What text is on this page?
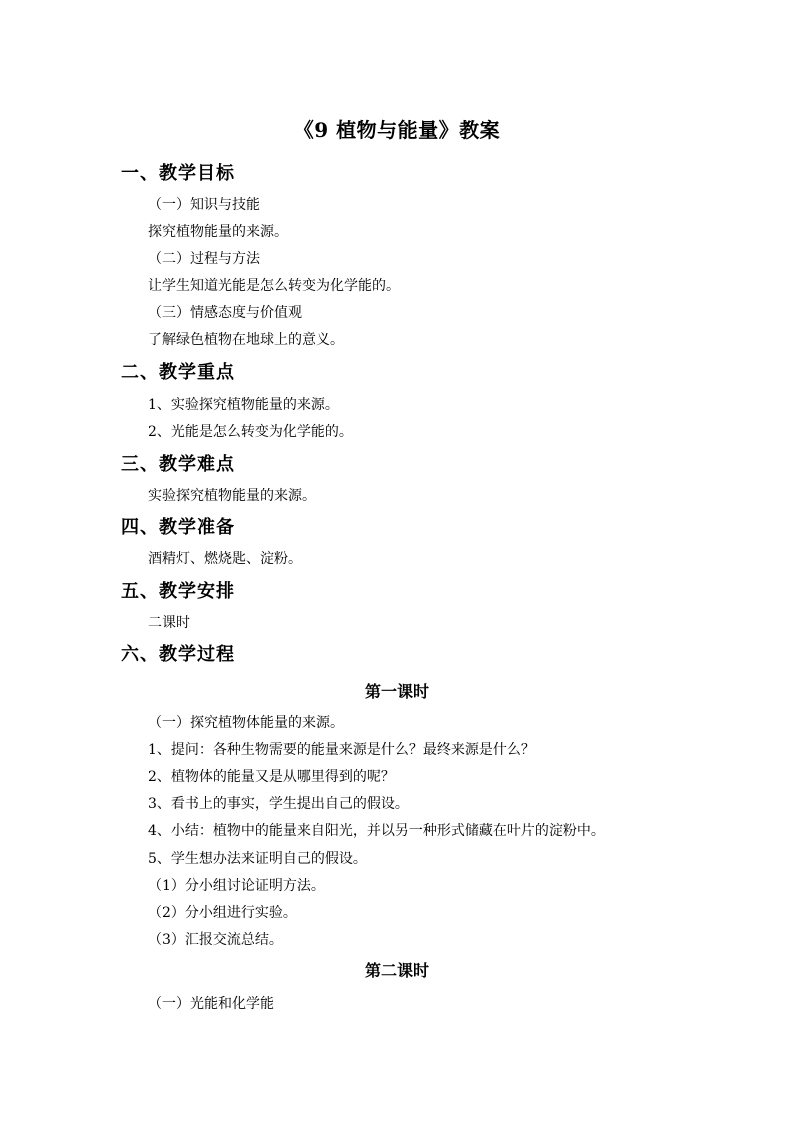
《9 植物与能量》教案
一、教学目标
（一）知识与技能
探究植物能量的来源。
（二）过程与方法
让学生知道光能是怎么转变为化学能的。
（三）情感态度与价值观
了解绿色植物在地球上的意义。
二、教学重点
1、实验探究植物能量的来源。
2、光能是怎么转变为化学能的。
三、教学难点
实验探究植物能量的来源。
四、教学准备
酒精灯、燃烧匙、淀粉。
五、教学安排
二课时
六、教学过程
第一课时
（一）探究植物体能量的来源。
1、提问：各种生物需要的能量来源是什么？最终来源是什么？
2、植物体的能量又是从哪里得到的呢？
3、看书上的事实，学生提出自己的假设。
4、小结：植物中的能量来自阳光，并以另一种形式储藏在叶片的淀粉中。
5、学生想办法来证明自己的假设。
（1）分小组讨论证明方法。
（2）分小组进行实验。
（3）汇报交流总结。
第二课时
（一）光能和化学能
